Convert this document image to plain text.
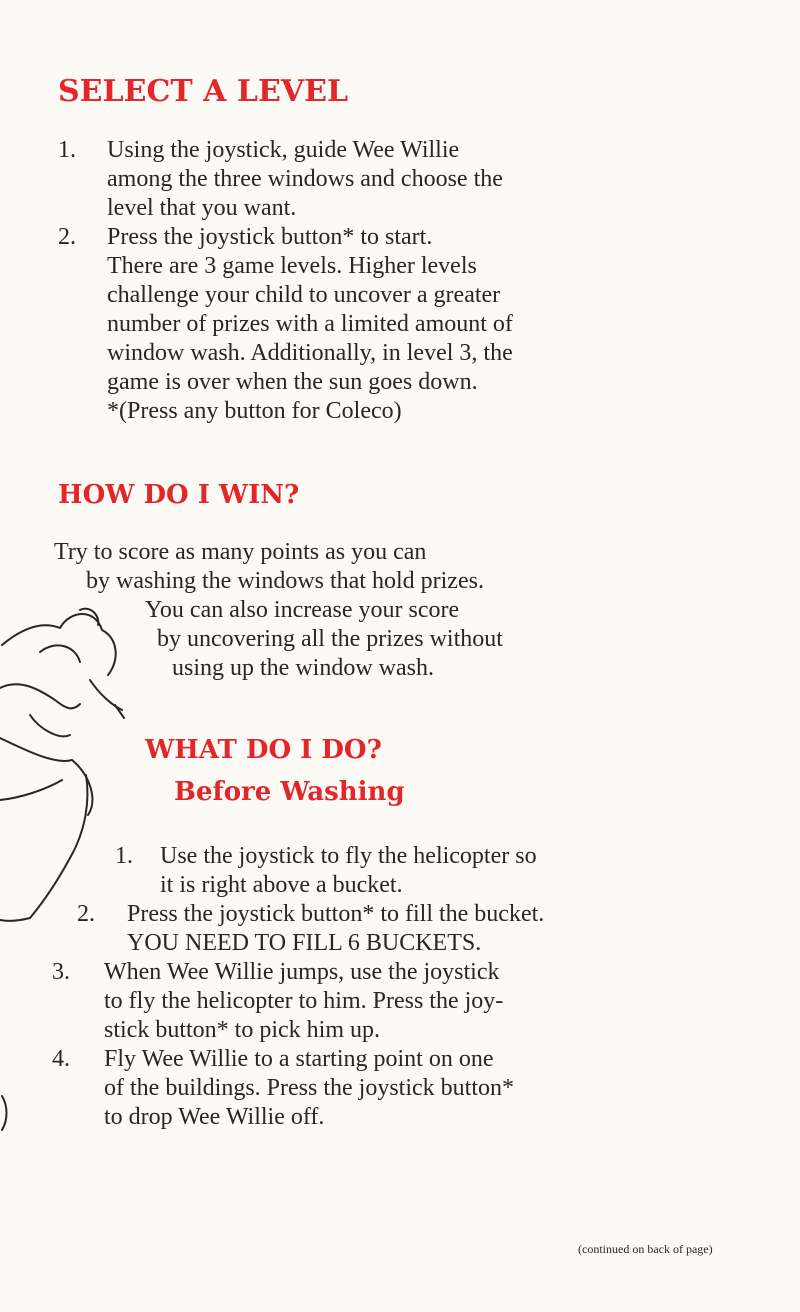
SELECT A LEVEL
1. Using the joystick, guide Wee Willie
among the three windows and choose the
level that you want.
2. Press the joystick button* to start.
There are 3 game levels. Higher levels
challenge your child to uncover a greater
number of prizes with a limited amount of
window wash. Additionally, in level 3, the
game is over when the sun goes down.
*(Press any button for Coleco)
HOW DO I WIN?
Try to score as many points as you can
by washing the windows that hold prizes.
You can also increase your score
by uncovering all the prizes without
using up the window wash.
WHAT DO I DO?
Before Washing
1. Use the joystick to fly the helicopter so
it is right above a bucket.
2. Press the joystick button* to fill the bucket.
YOU NEED TO FILL 6 BUCKETS.
3. When Wee Willie jumps, use the joystick
to fly the helicopter to him. Press the joy-
stick button* to pick him up.
4. Fly Wee Willie to a starting point on one
of the buildings. Press the joystick button*
to drop Wee Willie off.
(continued on back of page)
